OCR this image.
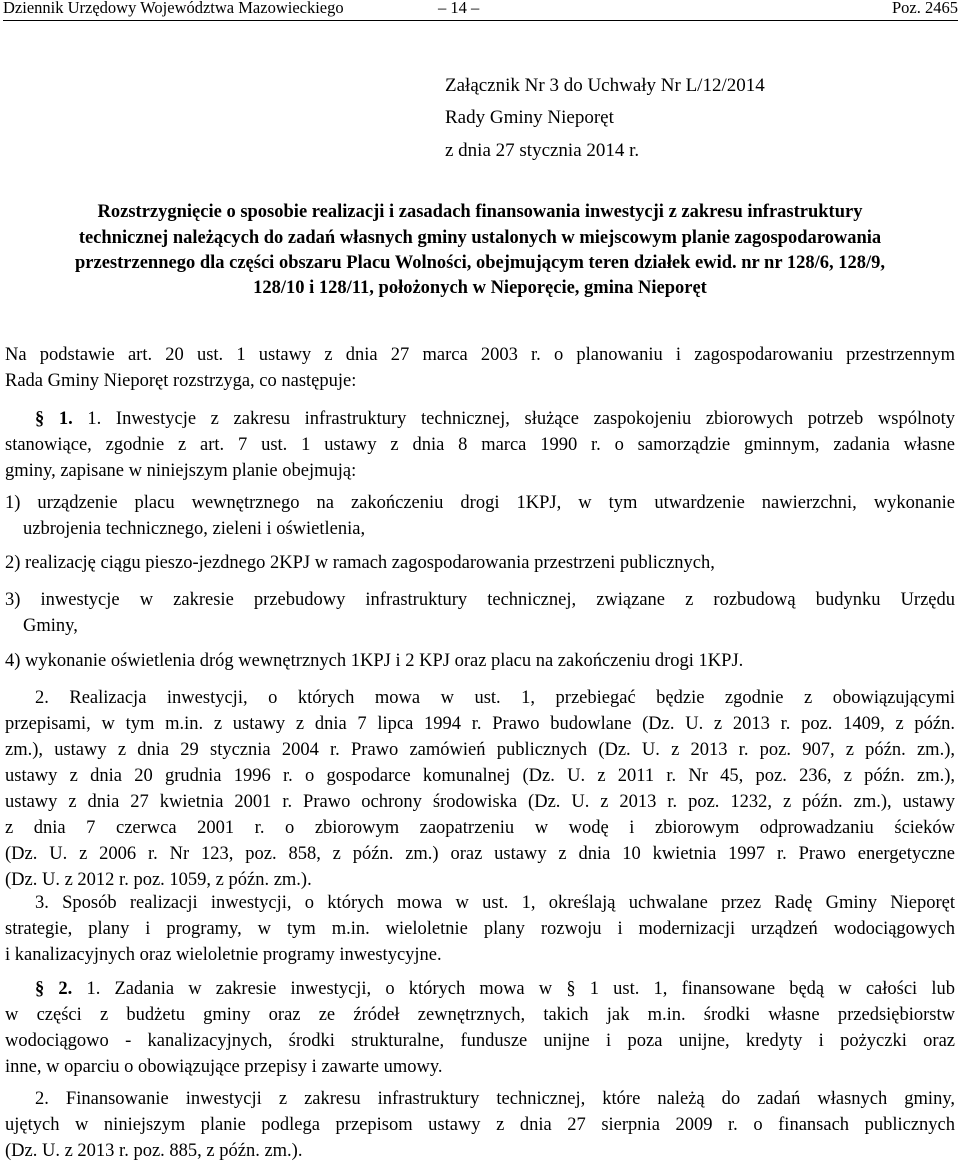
Dziennik Urzędowy Województwa Mazowieckiego	– 14 –	Poz. 2465
Załącznik Nr 3 do Uchwały Nr L/12/2014
Rady Gminy Nieporęt
z dnia 27 stycznia 2014 r.
Rozstrzygnięcie o sposobie realizacji i zasadach finansowania inwestycji z zakresu infrastruktury
technicznej należących do zadań własnych gminy ustalonych w miejscowym planie zagospodarowania
przestrzennego dla części obszaru Placu Wolności, obejmującym teren działek ewid. nr nr 128/6, 128/9,
128/10 i 128/11, położonych w Nieporęcie, gmina Nieporęt
Na podstawie art. 20 ust. 1 ustawy z dnia 27 marca 2003 r. o planowaniu i zagospodarowaniu przestrzennym
Rada Gminy Nieporęt rozstrzyga, co następuje:
§ 1. 1. Inwestycje z zakresu infrastruktury technicznej, służące zaspokojeniu zbiorowych potrzeb wspólnoty
stanowiące, zgodnie z art. 7 ust. 1 ustawy z dnia 8 marca 1990 r. o samorządzie gminnym, zadania własne
gminy, zapisane w niniejszym planie obejmują:
1) urządzenie placu wewnętrznego na zakończeniu drogi 1KPJ, w tym utwardzenie nawierzchni, wykonanie
uzbrojenia technicznego, zieleni i oświetlenia,
2) realizację ciągu pieszo-jezdnego 2KPJ w ramach zagospodarowania przestrzeni publicznych,
3) inwestycje w zakresie przebudowy infrastruktury technicznej, związane z rozbudową budynku Urzędu
Gminy,
4) wykonanie oświetlenia dróg wewnętrznych 1KPJ i 2 KPJ oraz placu na zakończeniu drogi 1KPJ.
2. Realizacja inwestycji, o których mowa w ust. 1, przebiegać będzie zgodnie z obowiązującymi
przepisami, w tym m.in. z ustawy z dnia 7 lipca 1994 r. Prawo budowlane (Dz. U. z 2013 r. poz. 1409, z późn.
zm.), ustawy z dnia 29 stycznia 2004 r. Prawo zamówień publicznych (Dz. U. z 2013 r. poz. 907, z późn. zm.),
ustawy z dnia 20 grudnia 1996 r. o gospodarce komunalnej (Dz. U. z 2011 r. Nr 45, poz. 236, z późn. zm.),
ustawy z dnia 27 kwietnia 2001 r. Prawo ochrony środowiska (Dz. U. z 2013 r. poz. 1232, z późn. zm.), ustawy
z dnia 7 czerwca 2001 r. o zbiorowym zaopatrzeniu w wodę i zbiorowym odprowadzaniu ścieków
(Dz. U. z 2006 r. Nr 123, poz. 858, z późn. zm.) oraz ustawy z dnia 10 kwietnia 1997 r. Prawo energetyczne
(Dz. U. z 2012 r. poz. 1059, z późn. zm.).
3. Sposób realizacji inwestycji, o których mowa w ust. 1, określają uchwalane przez Radę Gminy Nieporęt
strategie, plany i programy, w tym m.in. wieloletnie plany rozwoju i modernizacji urządzeń wodociągowych
i kanalizacyjnych oraz wieloletnie programy inwestycyjne.
§ 2. 1. Zadania w zakresie inwestycji, o których mowa w § 1 ust. 1, finansowane będą w całości lub
w części z budżetu gminy oraz ze źródeł zewnętrznych, takich jak m.in. środki własne przedsiębiorstw
wodociągowo - kanalizacyjnych, środki strukturalne, fundusze unijne i poza unijne, kredyty i pożyczki oraz
inne, w oparciu o obowiązujące przepisy i zawarte umowy.
2. Finansowanie inwestycji z zakresu infrastruktury technicznej, które należą do zadań własnych gminy,
ujętych w niniejszym planie podlega przepisom ustawy z dnia 27 sierpnia 2009 r. o finansach publicznych
(Dz. U. z 2013 r. poz. 885, z późn. zm.).
